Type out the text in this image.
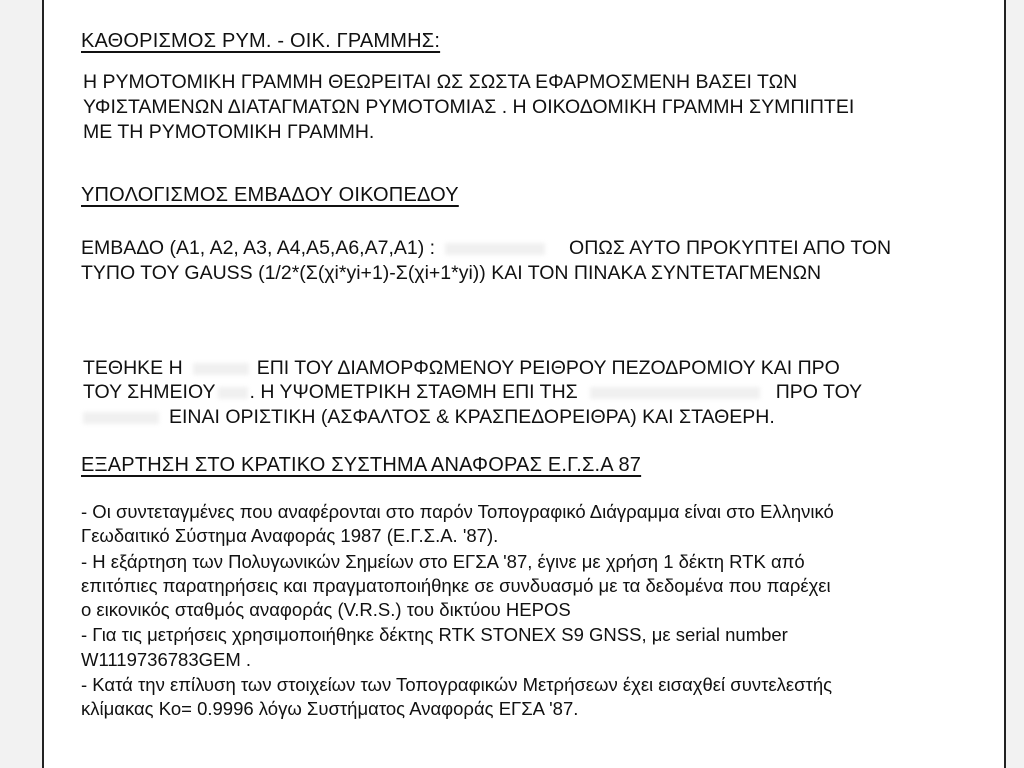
ΚΑΘΟΡΙΣΜΟΣ ΡΥΜ. - ΟΙΚ. ΓΡΑΜΜΗΣ:

Η ΡΥΜΟΤΟΜΙΚΗ ΓΡΑΜΜΗ ΘΕΩΡΕΙΤΑΙ ΩΣ ΣΩΣΤΑ ΕΦΑΡΜΟΣΜΕΝΗ ΒΑΣΕΙ ΤΩΝ

ΥΦΙΣΤΑΜΕΝΩΝ ΔΙΑΤΑΓΜΑΤΩΝ ΡΥΜΟΤΟΜΙΑΣ . Η ΟΙΚΟΔΟΜΙΚΗ ΓΡΑΜΜΗ ΣΥΜΠΙΠΤΕΙ

ΜΕ ΤΗ ΡΥΜΟΤΟΜΙΚΗ ΓΡΑΜΜΗ.

ΥΠΟΛΟΓΙΣΜΟΣ ΕΜΒΑΔΟΥ ΟΙΚΟΠΕΔΟΥ

ΕΜΒΑΔΟ (Α1, Α2, Α3, Α4,Α5,Α6,Α7,Α1) :	ΟΠΩΣ ΑΥΤΟ ΠΡΟΚΥΠΤΕΙ ΑΠΟ ΤΟΝ

ΤΥΠΟ ΤΟΥ GAUSS (1/2*(Σ(χi*yi+1)-Σ(χi+1*yi)) ΚΑΙ ΤΟΝ ΠΙΝΑΚΑ ΣΥΝΤΕΤΑΓΜΕΝΩΝ

ΤΕΘΗΚΕ Η	ΕΠΙ ΤΟΥ ΔΙΑΜΟΡΦΩΜΕΝΟΥ ΡΕΙΘΡΟΥ ΠΕΖΟΔΡΟΜΙΟΥ ΚΑΙ ΠΡΟ

ΤΟΥ ΣΗΜΕΙΟΥ . Η ΥΨΟΜΕΤΡΙΚΗ ΣΤΑΘΜΗ ΕΠΙ ΤΗΣ	ΠΡΟ ΤΟΥ

ΕΙΝΑΙ ΟΡΙΣΤΙΚΗ (ΑΣΦΑΛΤΟΣ & ΚΡΑΣΠΕΔΟΡΕΙΘΡΑ) ΚΑΙ ΣΤΑΘΕΡΗ.

ΕΞΑΡΤΗΣΗ ΣΤΟ ΚΡΑΤΙΚΟ ΣΥΣΤΗΜΑ ΑΝΑΦΟΡΑΣ Ε.Γ.Σ.Α 87

- Οι συντεταγμένες που αναφέρονται στο παρόν Τοπογραφικό Διάγραμμα είναι στο Ελληνικό

Γεωδαιτικό Σύστημα Αναφοράς 1987 (Ε.Γ.Σ.Α. '87).

- Η εξάρτηση των Πολυγωνικών Σημείων στο ΕΓΣΑ '87, έγινε με χρήση 1 δέκτη RTK από

επιτόπιες παρατηρήσεις και πραγματοποιήθηκε σε συνδυασμό με τα δεδομένα που παρέχει

ο εικονικός σταθμός αναφοράς (V.R.S.) του δικτύου HEPOS

- Για τις μετρήσεις χρησιμοποιήθηκε δέκτης RTK STONEX S9 GNSS, με serial number

W1119736783GEM .

- Κατά την επίλυση των στοιχείων των Τοπογραφικών Μετρήσεων έχει εισαχθεί συντελεστής

κλίμακας Κο= 0.9996 λόγω Συστήματος Αναφοράς ΕΓΣΑ '87.
